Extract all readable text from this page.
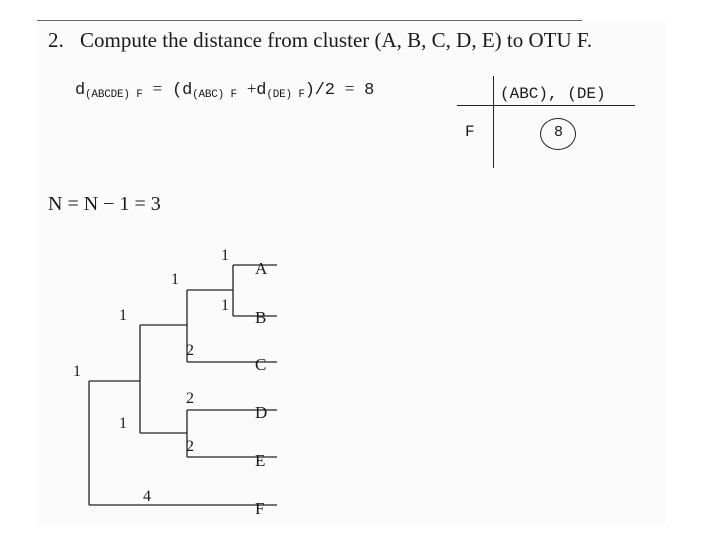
2. Compute the distance from cluster (A, B, C, D, E) to OTU F.
d(ABCDE) F = (d(ABC) F +d(DE) F)/2 = 8	(ABC), (DE)
F	8
N = N − 1 = 3
A
B
C
D
E
F
1
1
1
2
1
2
2
1
1
4
